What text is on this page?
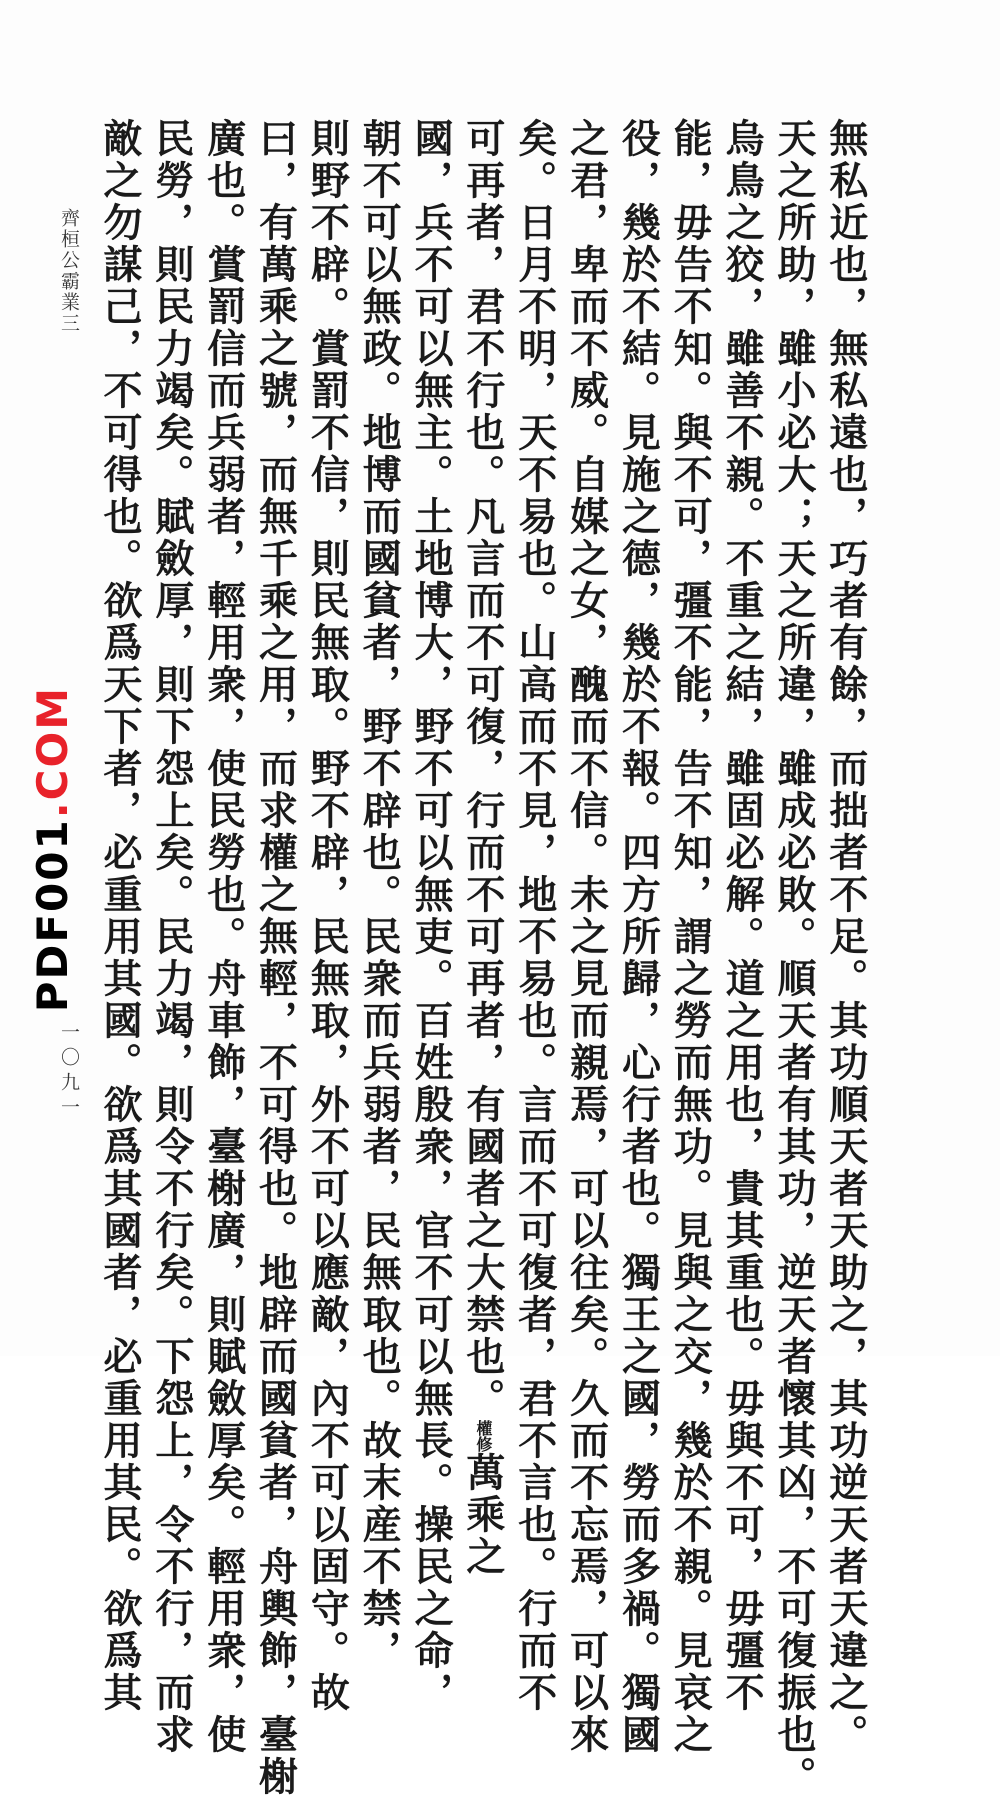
無私近也，無私遠也，巧者有餘，而拙者不足。其功順天者天助之，其功逆天者天違之。
天之所助，雖小必大；天之所違，雖成必敗。順天者有其功，逆天者懷其凶，不可復振也。
烏鳥之狡，雖善不親。不重之結，雖固必解。道之用也，貴其重也。毋與不可，毋彊不
能，毋告不知。與不可，彊不能，告不知，謂之勞而無功。見與之交，幾於不親。見哀之
役，幾於不結。見施之德，幾於不報。四方所歸，心行者也。獨王之國，勞而多禍。獨國
之君，卑而不威。自媒之女，醜而不信。未之見而親焉，可以往矣。久而不忘焉，可以來
矣。日月不明，天不易也。山高而不見，地不易也。言而不可復者，君不言也。行而不
可再者，君不行也。凡言而不可復，行而不可再者，有國者之大禁也。權修萬乘之
國，兵不可以無主。土地博大，野不可以無吏。百姓殷衆，官不可以無長。操民之命，
朝不可以無政。地博而國貧者，野不辟也。民衆而兵弱者，民無取也。故末産不禁，
則野不辟。賞罰不信，則民無取。野不辟，民無取，外不可以應敵，內不可以固守。故
曰，有萬乘之號，而無千乘之用，而求權之無輕，不可得也。地辟而國貧者，舟輿飾，臺榭
廣也。賞罰信而兵弱者，輕用衆，使民勞也。舟車飾，臺榭廣，則賦斂厚矣。輕用衆，使
民勞，則民力竭矣。賦斂厚，則下怨上矣。民力竭，則令不行矣。下怨上，令不行，而求
敵之勿謀己，不可得也。欲爲天下者，必重用其國。欲爲其國者，必重用其民。欲爲其
齊桓公霸業三
一〇九一
PDF001.COM
